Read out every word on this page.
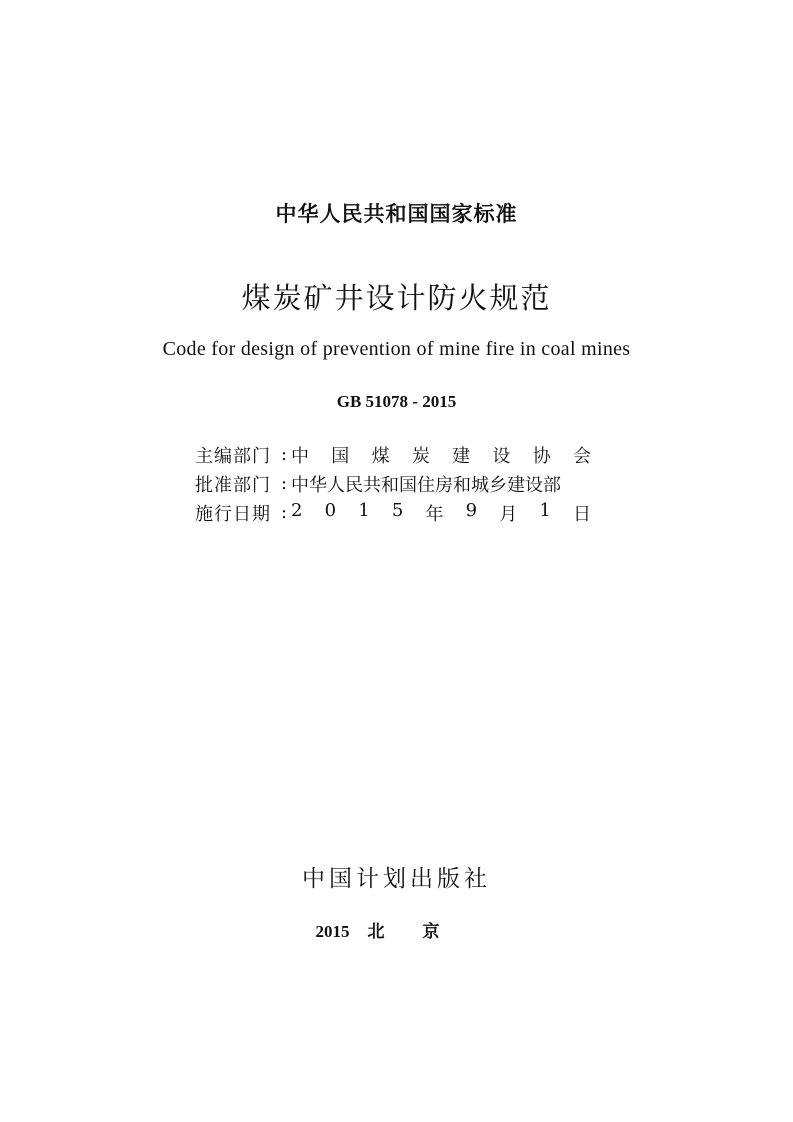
中华人民共和国国家标准
煤炭矿井设计防火规范
Code for design of prevention of mine fire in coal mines
GB 51078 - 2015
主编部门 : 中 国 煤 炭 建 设 协 会
批准部门 : 中华人民共和国住房和城乡建设部
施行日期 : 2 0 1 5 年 9 月 1 日
中国计划出版社
2015 北京
